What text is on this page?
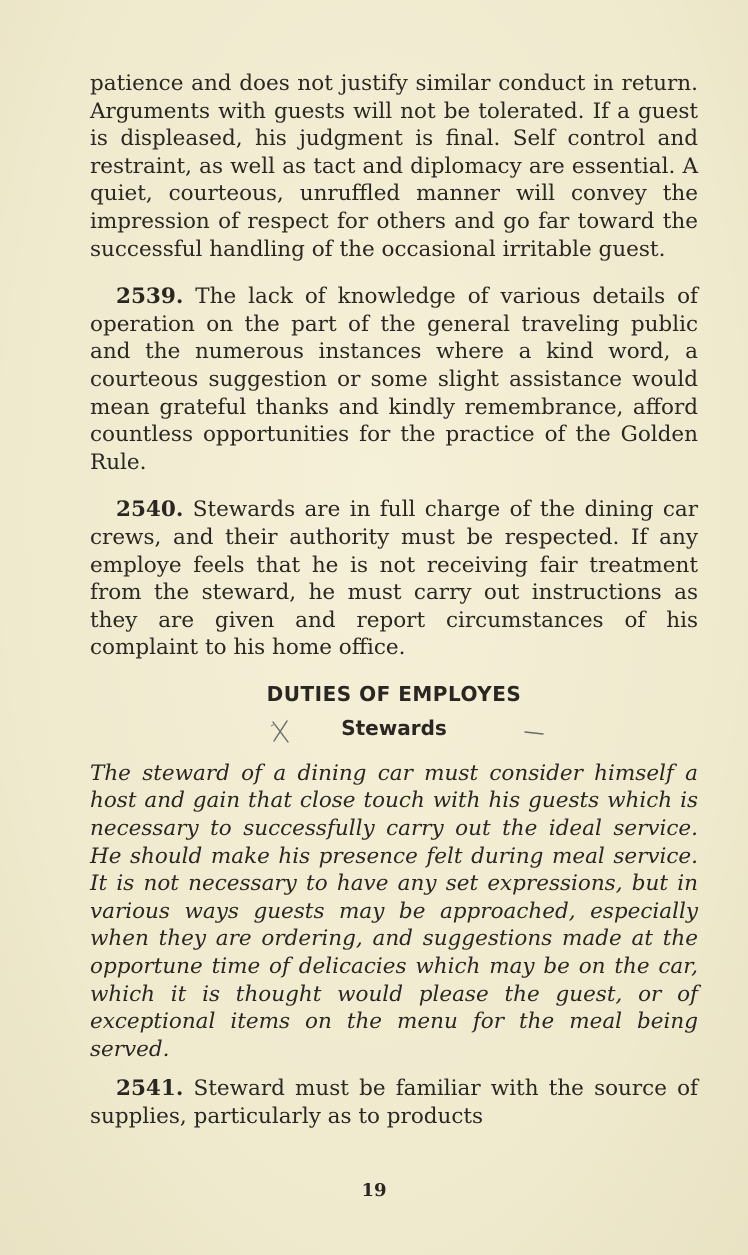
patience and does not justify similar conduct in return. Arguments with guests will not be tolerated. If a guest is displeased, his judgment is final. Self control and restraint, as well as tact and diplomacy are essential. A quiet, courteous, unruffled manner will convey the impression of respect for others and go far toward the successful handling of the occasional irritable guest.

2539. The lack of knowledge of various details of operation on the part of the general traveling public and the numerous instances where a kind word, a courteous suggestion or some slight assistance would mean grateful thanks and kindly remembrance, afford countless opportunities for the practice of the Golden Rule.

2540. Stewards are in full charge of the dining car crews, and their authority must be respected. If any employe feels that he is not receiving fair treatment from the steward, he must carry out instructions as they are given and report circumstances of his complaint to his home office.

DUTIES OF EMPLOYES
Stewards

The steward of a dining car must consider himself a host and gain that close touch with his guests which is necessary to successfully carry out the ideal service. He should make his presence felt during meal service. It is not necessary to have any set expressions, but in various ways guests may be approached, especially when they are ordering, and suggestions made at the opportune time of delicacies which may be on the car, which it is thought would please the guest, or of exceptional items on the menu for the meal being served.

2541. Steward must be familiar with the source of supplies, particularly as to products

19
